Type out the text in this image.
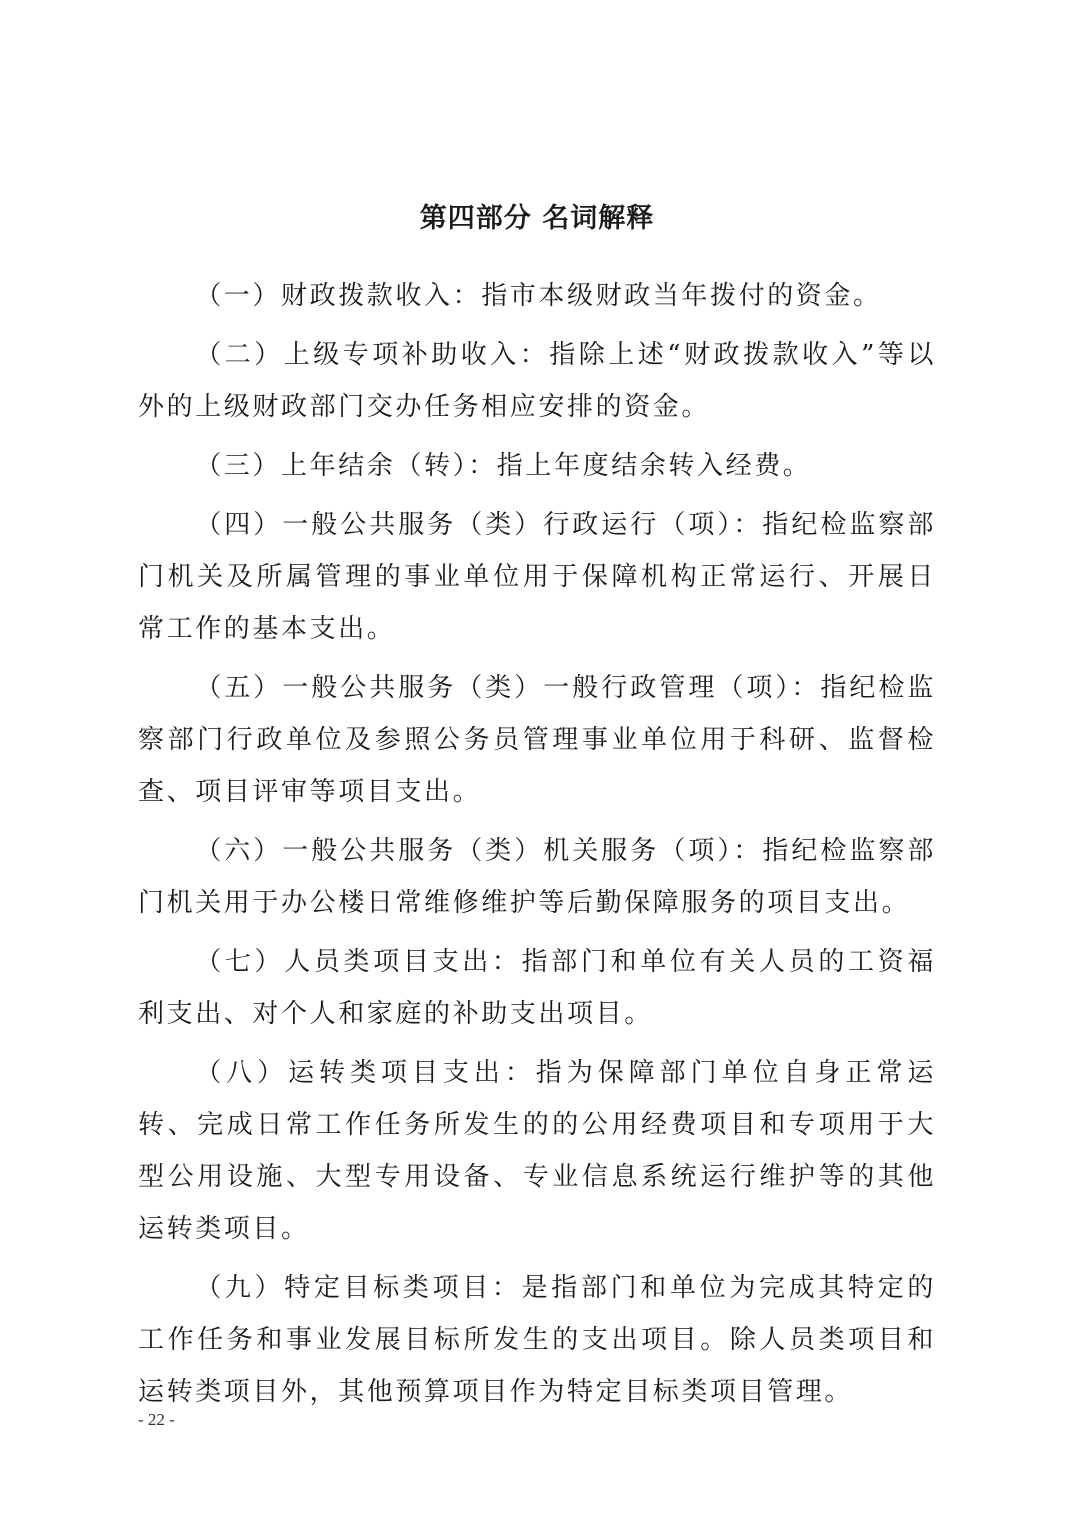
第四部分 名词解释

（一）财政拨款收入：指市本级财政当年拨付的资金。

（二）上级专项补助收入：指除上述“财政拨款收入”等以外的上级财政部门交办任务相应安排的资金。

（三）上年结余（转）：指上年度结余转入经费。

（四）一般公共服务（类）行政运行（项）：指纪检监察部门机关及所属管理的事业单位用于保障机构正常运行、开展日常工作的基本支出。

（五）一般公共服务（类）一般行政管理（项）：指纪检监察部门行政单位及参照公务员管理事业单位用于科研、监督检查、项目评审等项目支出。

（六）一般公共服务（类）机关服务（项）：指纪检监察部门机关用于办公楼日常维修维护等后勤保障服务的项目支出。

（七）人员类项目支出：指部门和单位有关人员的工资福利支出、对个人和家庭的补助支出项目。

（八）运转类项目支出：指为保障部门单位自身正常运转、完成日常工作任务所发生的的公用经费项目和专项用于大型公用设施、大型专用设备、专业信息系统运行维护等的其他运转类项目。

（九）特定目标类项目：是指部门和单位为完成其特定的工作任务和事业发展目标所发生的支出项目。除人员类项目和运转类项目外，其他预算项目作为特定目标类项目管理。

- 22 -
